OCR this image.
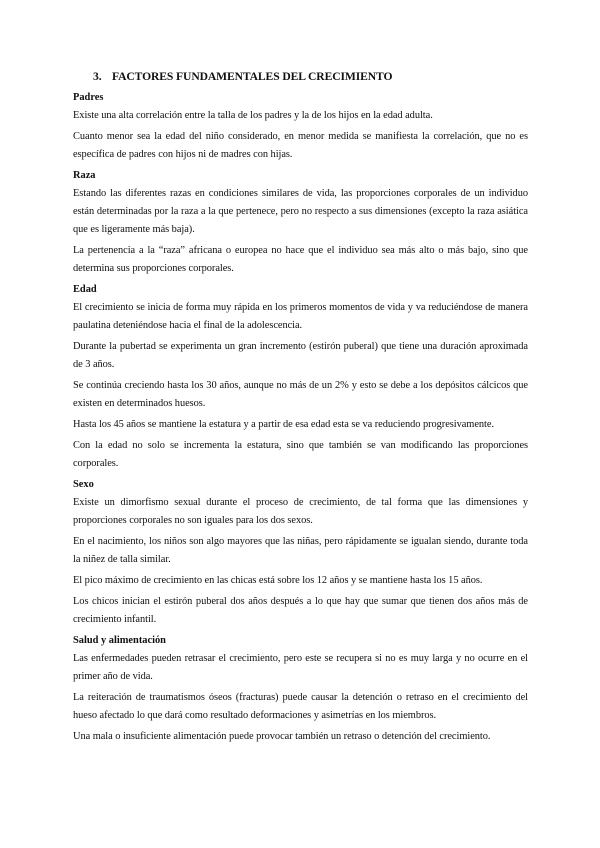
3. FACTORES FUNDAMENTALES DEL CRECIMIENTO
Padres

Existe una alta correlación entre la talla de los padres y la de los hijos en la edad adulta.

Cuanto menor sea la edad del niño considerado, en menor medida se manifiesta la correlación, que no es específica de padres con hijos ni de madres con hijas.

Raza

Estando las diferentes razas en condiciones similares de vida, las proporciones corporales de un individuo están determinadas por la raza a la que pertenece, pero no respecto a sus dimensiones (excepto la raza asiática que es ligeramente más baja).

La pertenencia a la “raza” africana o europea no hace que el individuo sea más alto o más bajo, sino que determina sus proporciones corporales.

Edad

El crecimiento se inicia de forma muy rápida en los primeros momentos de vida y va reduciéndose de manera paulatina deteniéndose hacia el final de la adolescencia.

Durante la pubertad se experimenta un gran incremento (estirón puberal) que tiene una duración aproximada de 3 años.

Se continúa creciendo hasta los 30 años, aunque no más de un 2% y esto se debe a los depósitos cálcicos que existen en determinados huesos.

Hasta los 45 años se mantiene la estatura y a partir de esa edad esta se va reduciendo progresivamente.

Con la edad no solo se incrementa la estatura, sino que también se van modificando las proporciones corporales.

Sexo

Existe un dimorfismo sexual durante el proceso de crecimiento, de tal forma que las dimensiones y proporciones corporales no son iguales para los dos sexos.

En el nacimiento, los niños son algo mayores que las niñas, pero rápidamente se igualan siendo, durante toda la niñez de talla similar.

El pico máximo de crecimiento en las chicas está sobre los 12 años y se mantiene hasta los 15 años.

Los chicos inician el estirón puberal dos años después a lo que hay que sumar que tienen dos años más de crecimiento infantil.

Salud y alimentación

Las enfermedades pueden retrasar el crecimiento, pero este se recupera si no es muy larga y no ocurre en el primer año de vida.

La reiteración de traumatismos óseos (fracturas) puede causar la detención o retraso en el crecimiento del hueso afectado lo que dará como resultado deformaciones y asimetrías en los miembros.

Una mala o insuficiente alimentación puede provocar también un retraso o detención del crecimiento.
